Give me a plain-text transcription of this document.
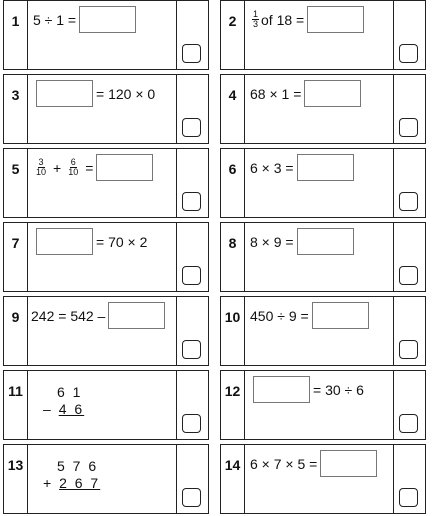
1 5 ÷ 1 =	2	$\frac{1}{3}$ of 18 =
3	= 120 × 0	4 68 × 1 =
5	$\frac{3}{10} + \frac{6}{10}$ =	6 6 × 3 =
7	= 70 × 2	8 8 × 9 =
9 242 = 542 –	10 450 ÷ 9 =
11	6 1
– 4 6
12	= 30 ÷ 6
13	5 7 6
+ 2 6 7
14 6 × 7 × 5 =
